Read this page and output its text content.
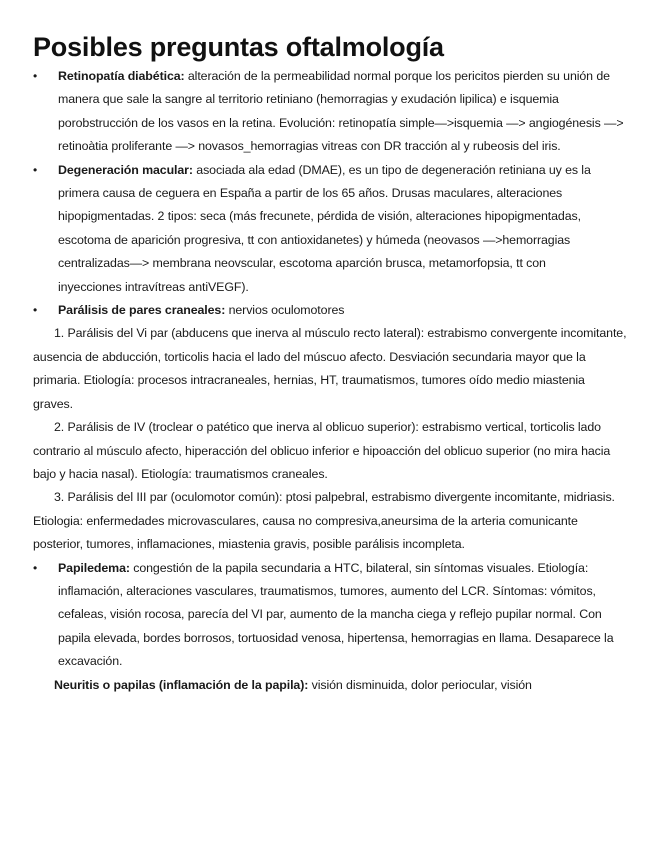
Posibles preguntas oftalmología
•	Retinopatía diabética: alteración de la permeabilidad normal porque los pericitos pierden su unión de manera que sale la sangre al territorio retiniano (hemorragias y exudación lipilica) e isquemia porobstrucción de los vasos en la retina. Evolución: retinopatía simple—>isquemia —> angiogénesis —> retinoàtia proliferante —> novasos_hemorragias vitreas con DR tracción al y rubeosis del iris.
•	Degeneración macular: asociada ala edad (DMAE), es un tipo de degeneración retiniana uy es la primera causa de ceguera en España a partir de los 65 años. Drusas maculares, alteraciones hipopigmentadas. 2 tipos: seca (más frecunete, pérdida de visión, alteraciones hipopigmentadas, escotoma de aparición progresiva, tt con antioxidanetes) y húmeda (neovasos —>hemorragias centralizadas—> membrana neovscular, escotoma aparción brusca, metamorfopsia, tt con inyecciones intravítreas antiVEGF).
•	Parálisis de pares craneales: nervios oculomotores
1. Parálisis del Vi par (abducens que inerva al músculo recto lateral): estrabismo convergente incomitante, ausencia de abducción, torticolis hacia el lado del múscuo afecto. Desviación secundaria mayor que la primaria. Etiología: procesos intracraneales, hernias, HT, traumatismos, tumores oído medio miastenia graves.
2. Parálisis de IV (troclear o patético que inerva al oblicuo superior): estrabismo vertical, torticolis lado contrario al músculo afecto, hiperacción del oblicuo inferior e hipoacción del oblicuo superior (no mira hacia bajo y hacia nasal). Etiología: traumatismos craneales.
3. Parálisis del III par (oculomotor común): ptosi palpebral, estrabismo divergente incomitante, midriasis. Etiologia: enfermedades microvasculares, causa no compresiva,aneursima de la arteria comunicante posterior, tumores, inflamaciones, miastenia gravis, posible parálisis incompleta.
•	Papiledema: congestión de la papila secundaria a HTC, bilateral, sin síntomas visuales. Etiología: inflamación, alteraciones vasculares, traumatismos, tumores, aumento del LCR. Síntomas: vómitos, cefaleas, visión rocosa, parecía del VI par, aumento de la mancha ciega y reflejo pupilar normal. Con papila elevada, bordes borrosos, tortuosidad venosa, hipertensa, hemorragias en llama. Desaparece la excavación.
Neuritis o papilas (inflamación de la papila): visión disminuida, dolor periocular, visión
